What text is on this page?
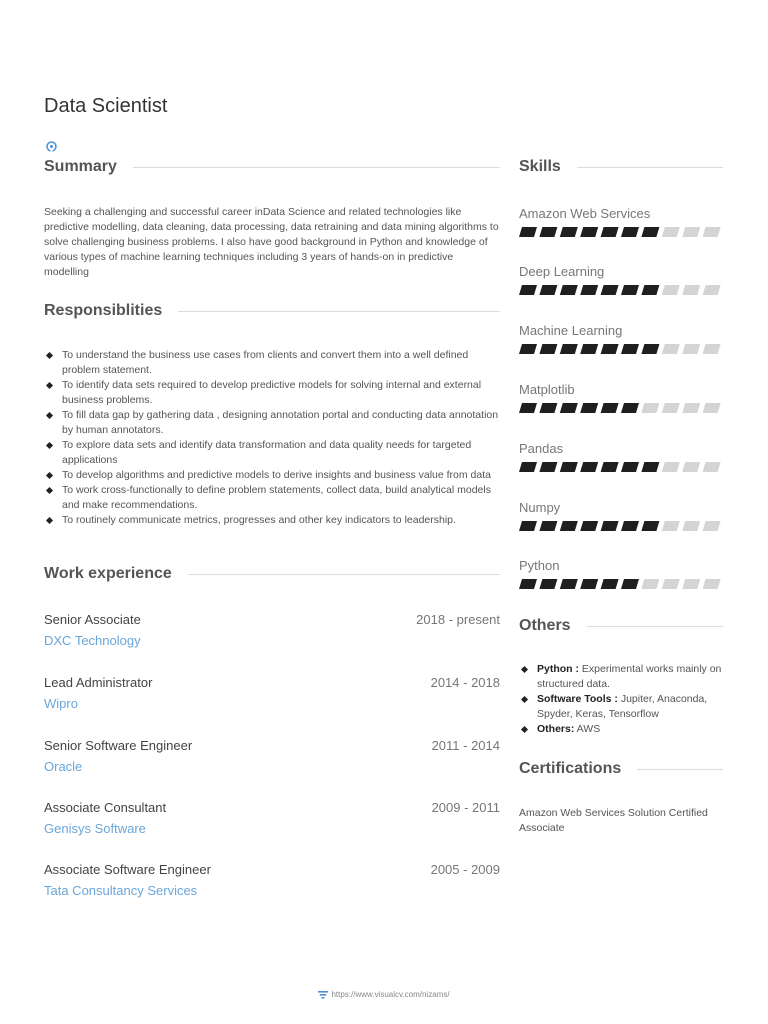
Data Scientist
Summary
Seeking a challenging and successful career inData Science and related technologies like predictive modelling, data cleaning, data processing, data retraining and data mining algorithms to solve challenging business problems. I also have good background in Python and knowledge of various types of machine learning techniques including 3 years of hands-on in predictive modelling
Responsiblities
To understand the business use cases from clients and convert them into a well defined problem statement.
To identify data sets required to develop predictive models for solving internal and external business problems.
To fill data gap by gathering data , designing annotation portal and conducting data annotation by human annotators.
To explore data sets and identify data transformation and data quality needs for targeted applications
To develop algorithms and predictive models to derive insights and business value from data
To work cross-functionally to define problem statements, collect data, build analytical models and make recommendations.
To routinely communicate metrics, progresses and other key indicators to leadership.
Work experience
Senior Associate	2018 - present
DXC Technology
Lead Administrator	2014 - 2018
Wipro
Senior Software Engineer	2011 - 2014
Oracle
Associate Consultant	2009 - 2011
Genisys Software
Associate Software Engineer	2005 - 2009
Tata Consultancy Services
Skills
Amazon Web Services
Deep Learning
Machine Learning
Matplotlib
Pandas
Numpy
Python
Others
Python : Experimental works mainly on structured data.
Software Tools : Jupiter, Anaconda, Spyder, Keras, Tensorflow
Others: AWS
Certifications
Amazon Web Services Solution Certified Associate
https://www.visualcv.com/nizams/
